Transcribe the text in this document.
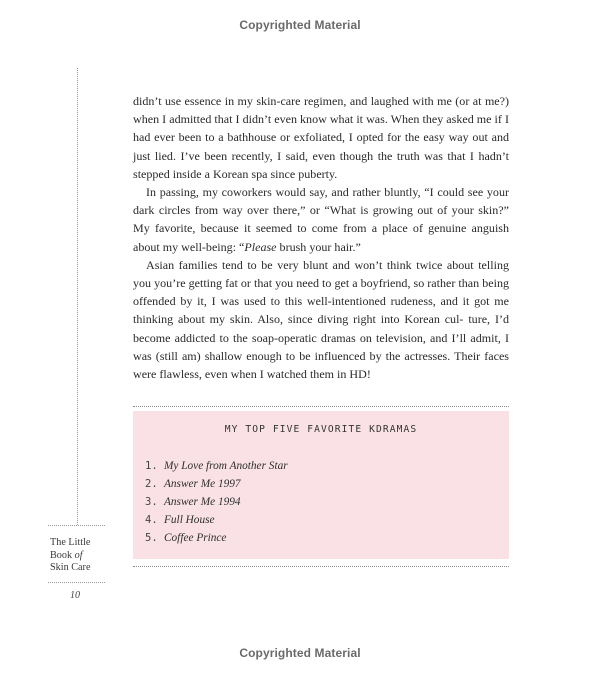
Copyrighted Material
The Little
Book of
Skin Care
10

didn’t use essence in my skin-care regimen, and laughed with me (or at me?) when I admitted that I didn’t even know what it was. When they asked me if I had ever been to a bathhouse or exfoliated, I opted for the easy way out and just lied. I’ve been recently, I said, even though the truth was that I hadn’t stepped inside a Korean spa since puberty.

In passing, my coworkers would say, and rather bluntly, “I could see your dark circles from way over there,” or “What is growing out of your skin?” My favorite, because it seemed to come from a place of genuine anguish about my well-being: “Please brush your hair.”

Asian families tend to be very blunt and won’t think twice about telling you you’re getting fat or that you need to get a boyfriend, so rather than being offended by it, I was used to this well-intentioned rudeness, and it got me thinking about my skin. Also, since diving right into Korean cul- ture, I’d become addicted to the soap-operatic dramas on television, and I’ll admit, I was (still am) shallow enough to be influenced by the actresses. Their faces were flawless, even when I watched them in HD!

MY TOP FIVE FAVORITE KDRAMAS
1. My Love from Another Star
2. Answer Me 1997
3. Answer Me 1994
4. Full House
5. Coffee Prince
Copyrighted Material
